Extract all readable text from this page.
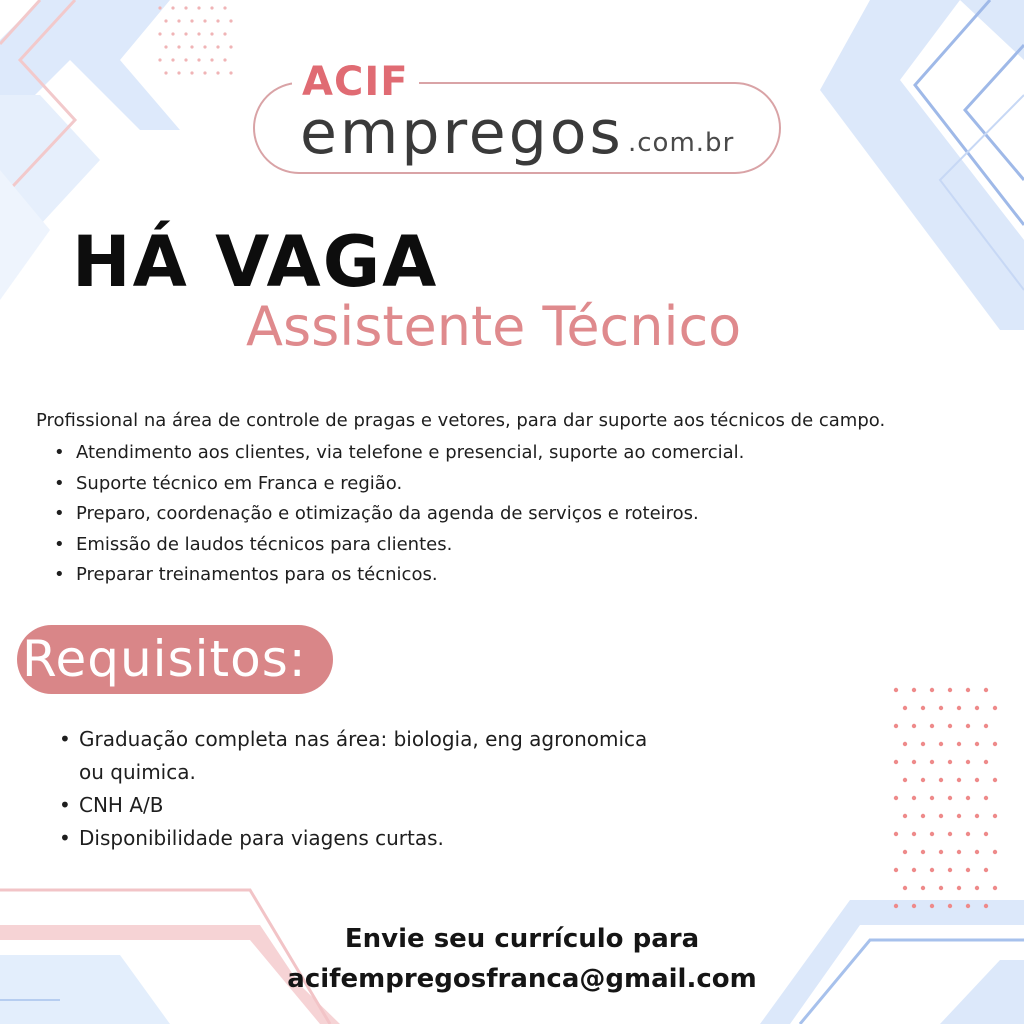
ACIF
empregos .com.br
HÁ VAGA
Assistente Técnico
Profissional na área de controle de pragas e vetores, para dar suporte aos técnicos de campo.
• Atendimento aos clientes, via telefone e presencial, suporte ao comercial.
• Suporte técnico em Franca e região.
• Preparo, coordenação e otimização da agenda de serviços e roteiros.
• Emissão de laudos técnicos para clientes.
• Preparar treinamentos para os técnicos.
Requisitos:
• Graduação completa nas área: biologia, eng agronomica
ou quimica.
• CNH A/B
• Disponibilidade para viagens curtas.
Envie seu currículo para
acifempregosfranca@gmail.com
